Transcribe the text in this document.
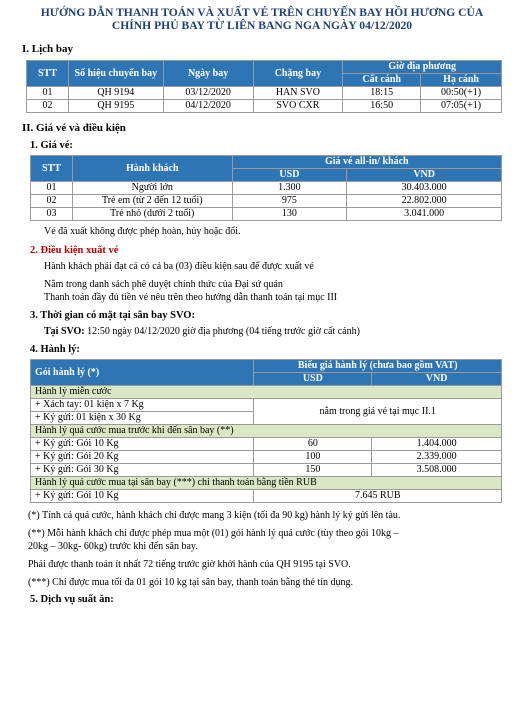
HƯỚNG DẪN THANH TOÁN VÀ XUẤT VÉ TRÊN CHUYẾN BAY HỒI HƯƠNG CỦA
CHÍNH PHỦ BAY TỪ LIÊN BANG NGA NGÀY 04/12/2020
I. Lịch bay
STT	Số hiệu chuyến bay	Ngày bay	Chặng bay	Giờ địa phương	
				Cất cánh	Hạ cánh
01	QH 9194	03/12/2020	HAN SVO	18:15	00:50(+1)
02	QH 9195	04/12/2020	SVO CXR	16:50	07:05(+1)
II. Giá vé và điều kiện
1. Giá vé:
STT	Hành khách	Giá vé all-in/ khách	
		USD	VND
01	Người lớn	1.300	30.403.000
02	Trẻ em (từ 2 đến 12 tuổi)	975	22.802.000
03	Trẻ nhỏ (dưới 2 tuổi)	130	3.041.000
Vé đã xuất không được phép hoàn, hủy hoặc đổi.
2. Điều kiện xuất vé
Hành khách phải đạt cả có cả ba (03) điều kiện sau để được xuất vé
Nằm trong danh sách phê duyệt chính thức của Đại sứ quán
Thanh toán đầy đủ tiền vé nêu trên theo hướng dẫn thanh toán tại mục III
3. Thời gian có mặt tại sân bay SVO:
Tại SVO: 12:50 ngày 04/12/2020 giờ địa phương (04 tiếng trước giờ cất cánh)
4. Hành lý:
Gói hành lý (*)	Biểu giá hành lý (chưa bao gồm VAT)	
	USD	VND
Hành lý miễn cước		
+ Xách tay: 01 kiện x 7 Kg	nằm trong giá vé tại mục II.1	
+ Ký gửi: 01 kiện x 30 Kg		
Hành lý quá cước mua trước khi đến sân bay (**)		
+ Ký gửi: Gói 10 Kg	60	1.404.000
+ Ký gửi: Gói 20 Kg	100	2.339.000
+ Ký gửi: Gói 30 Kg	150	3.508.000
Hành lý quá cước mua tại sân bay (***) chỉ thanh toán bằng tiền RUB		
+ Ký gửi: Gói 10 Kg	7.645 RUB	
(*) Tính cả quá cước, hành khách chỉ được mang 3 kiện (tối đa 90 kg) hành lý ký gửi lên tàu.
(**) Mỗi hành khách chỉ được phép mua một (01) gói hành lý quá cước (tùy theo gói 10kg –
20kg – 30kg- 60kg) trước khi đến sân bay.
Phải được thanh toán ít nhất 72 tiếng trước giờ khởi hành của QH 9195 tại SVO.
(***) Chỉ được mua tối đa 01 gói 10 kg tại sân bay, thanh toán bằng thẻ tín dụng.
5. Dịch vụ suất ăn:
